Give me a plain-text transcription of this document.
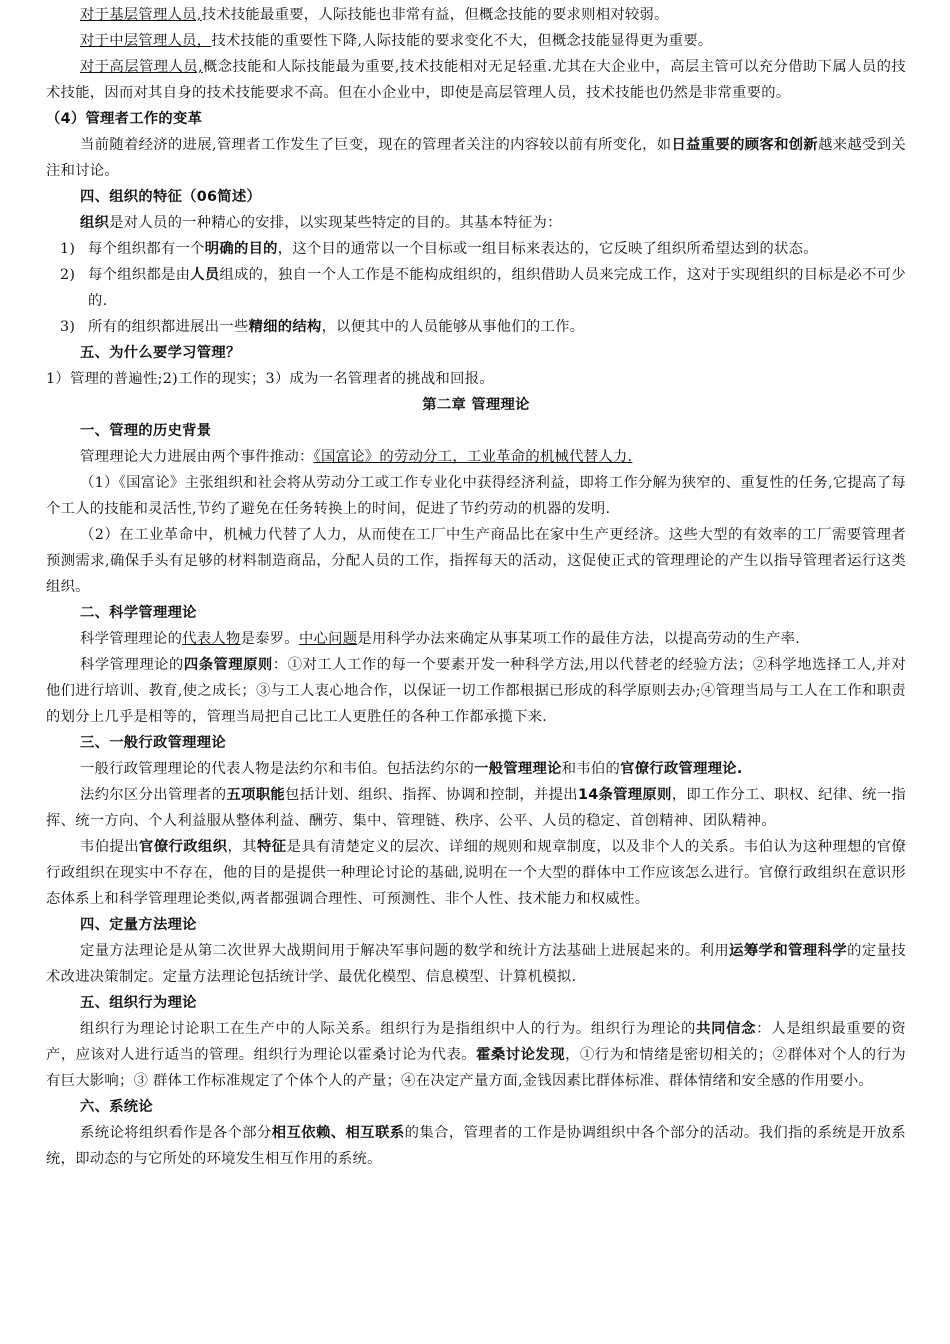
对于基层管理人员,技术技能最重要，人际技能也非常有益，但概念技能的要求则相对较弱。

对于中层管理人员，技术技能的重要性下降,人际技能的要求变化不大，但概念技能显得更为重要。

对于高层管理人员,概念技能和人际技能最为重要,技术技能相对无足轻重.尤其在大企业中，高层主管可以充分借助下属人员的技术技能，因而对其自身的技术技能要求不高。但在小企业中，即使是高层管理人员，技术技能也仍然是非常重要的。

（4）管理者工作的变革

当前随着经济的进展,管理者工作发生了巨变，现在的管理者关注的内容较以前有所变化，如日益重要的顾客和创新越来越受到关注和讨论。

四、组织的特征（06简述）

组织是对人员的一种精心的安排，以实现某些特定的目的。其基本特征为：

1) 每个组织都有一个明确的目的，这个目的通常以一个目标或一组目标来表达的，它反映了组织所希望达到的状态。

2) 每个组织都是由人员组成的，独自一个人工作是不能构成组织的，组织借助人员来完成工作，这对于实现组织的目标是必不可少的.

3) 所有的组织都进展出一些精细的结构，以便其中的人员能够从事他们的工作。

五、为什么要学习管理？

1）管理的普遍性;2)工作的现实；3）成为一名管理者的挑战和回报。

第二章 管理理论

一、管理的历史背景

管理理论大力进展由两个事件推动：《国富论》的劳动分工，工业革命的机械代替人力.

（1）《国富论》主张组织和社会将从劳动分工或工作专业化中获得经济利益，即将工作分解为狭窄的、重复性的任务,它提高了每个工人的技能和灵活性,节约了避免在任务转换上的时间，促进了节约劳动的机器的发明.

（2）在工业革命中，机械力代替了人力，从而使在工厂中生产商品比在家中生产更经济。这些大型的有效率的工厂需要管理者预测需求,确保手头有足够的材料制造商品，分配人员的工作，指挥每天的活动，这促使正式的管理理论的产生以指导管理者运行这类组织。

二、科学管理理论

科学管理理论的代表人物是泰罗。中心问题是用科学办法来确定从事某项工作的最佳方法，以提高劳动的生产率.

科学管理理论的四条管理原则：①对工人工作的每一个要素开发一种科学方法,用以代替老的经验方法；②科学地选择工人,并对他们进行培训、教育,使之成长；③与工人衷心地合作，以保证一切工作都根据已形成的科学原则去办;④管理当局与工人在工作和职责的划分上几乎是相等的，管理当局把自己比工人更胜任的各种工作都承揽下来.

三、一般行政管理理论

一般行政管理理论的代表人物是法约尔和韦伯。包括法约尔的一般管理理论和韦伯的官僚行政管理理论.

法约尔区分出管理者的五项职能包括计划、组织、指挥、协调和控制，并提出14条管理原则，即工作分工、职权、纪律、统一指挥、统一方向、个人利益服从整体利益、酬劳、集中、管理链、秩序、公平、人员的稳定、首创精神、团队精神。

韦伯提出官僚行政组织，其特征是具有清楚定义的层次、详细的规则和规章制度，以及非个人的关系。韦伯认为这种理想的官僚行政组织在现实中不存在，他的目的是提供一种理论讨论的基础,说明在一个大型的群体中工作应该怎么进行。官僚行政组织在意识形态体系上和科学管理理论类似,两者都强调合理性、可预测性、非个人性、技术能力和权威性。

四、定量方法理论

定量方法理论是从第二次世界大战期间用于解决军事问题的数学和统计方法基础上进展起来的。利用运筹学和管理科学的定量技术改进决策制定。定量方法理论包括统计学、最优化模型、信息模型、计算机模拟.

五、组织行为理论

组织行为理论讨论职工在生产中的人际关系。组织行为是指组织中人的行为。组织行为理论的共同信念：人是组织最重要的资产，应该对人进行适当的管理。组织行为理论以霍桑讨论为代表。霍桑讨论发现，①行为和情绪是密切相关的；②群体对个人的行为有巨大影响；③ 群体工作标准规定了个体个人的产量；④在决定产量方面,金钱因素比群体标准、群体情绪和安全感的作用要小。

六、系统论

系统论将组织看作是各个部分相互依赖、相互联系的集合，管理者的工作是协调组织中各个部分的活动。我们指的系统是开放系统，即动态的与它所处的环境发生相互作用的系统。
